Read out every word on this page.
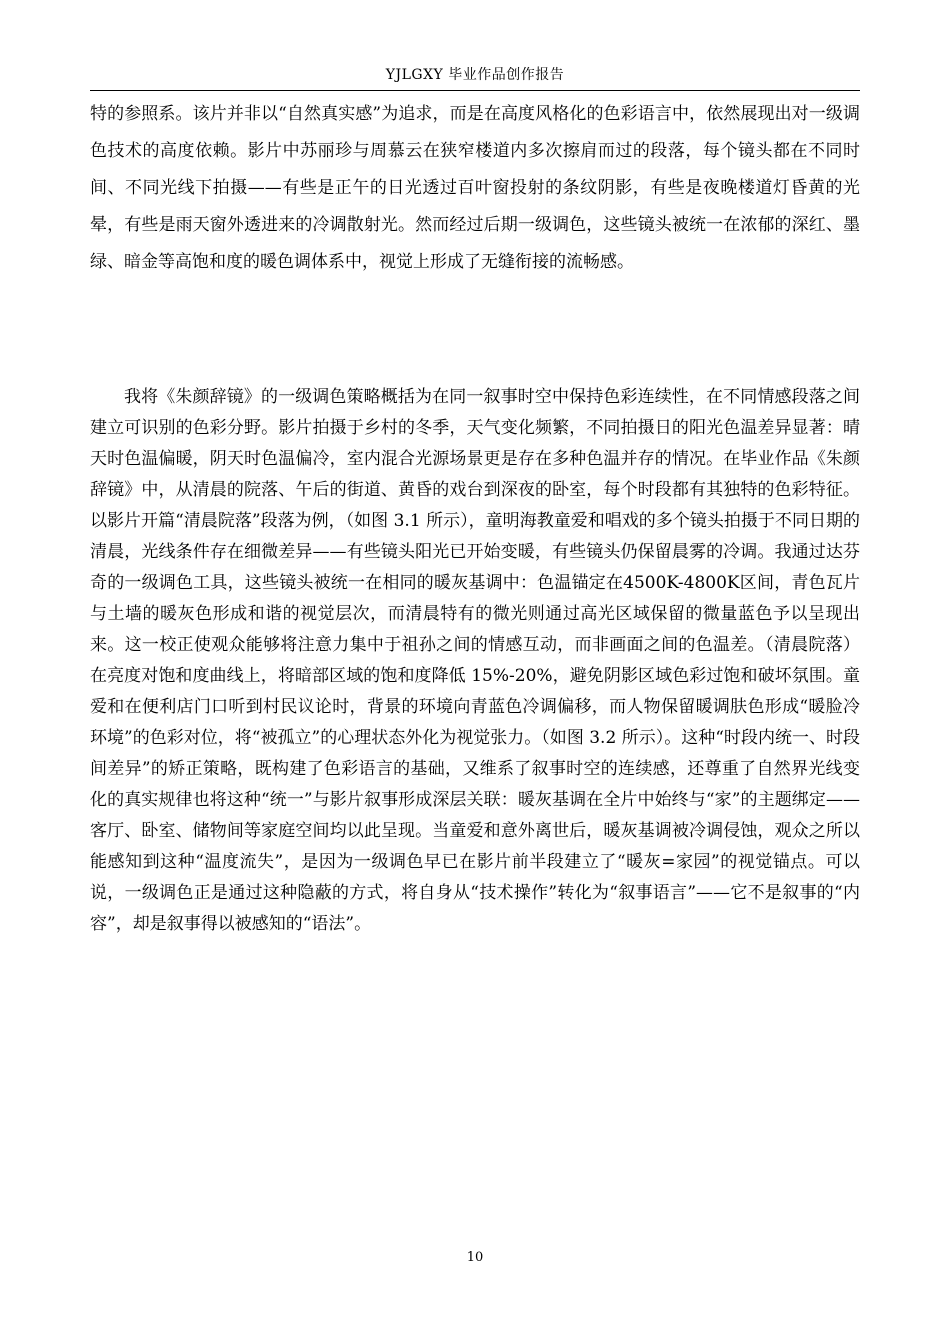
YJLGXY 毕业作品创作报告

特的参照系。该片并非以“自然真实感”为追求，而是在高度风格化的色彩语言中，依然展现出对一级调色技术的高度依赖。影片中苏丽珍与周慕云在狭窄楼道内多次擦肩而过的段落，每个镜头都在不同时间、不同光线下拍摄——有些是正午的日光透过百叶窗投射的条纹阴影，有些是夜晚楼道灯昏黄的光晕，有些是雨天窗外透进来的冷调散射光。然而经过后期一级调色，这些镜头被统一在浓郁的深红、墨绿、暗金等高饱和度的暖色调体系中，视觉上形成了无缝衔接的流畅感。

我将《朱颜辞镜》的一级调色策略概括为在同一叙事时空中保持色彩连续性，在不同情感段落之间建立可识别的色彩分野。影片拍摄于乡村的冬季，天气变化频繁，不同拍摄日的阳光色温差异显著：晴天时色温偏暖，阴天时色温偏冷，室内混合光源场景更是存在多种色温并存的情况。在毕业作品《朱颜辞镜》中，从清晨的院落、午后的街道、黄昏的戏台到深夜的卧室，每个时段都有其独特的色彩特征。以影片开篇“清晨院落”段落为例，（如图 3.1 所示），童明海教童爱和唱戏的多个镜头拍摄于不同日期的清晨，光线条件存在细微差异——有些镜头阳光已开始变暖，有些镜头仍保留晨雾的冷调。我通过达芬奇的一级调色工具，这些镜头被统一在相同的暖灰基调中：色温锚定在4500K-4800K区间，青色瓦片与土墙的暖灰色形成和谐的视觉层次，而清晨特有的微光则通过高光区域保留的微量蓝色予以呈现出来。这一校正使观众能够将注意力集中于祖孙之间的情感互动，而非画面之间的色温差。（清晨院落）在亮度对饱和度曲线上，将暗部区域的饱和度降低 15%-20%，避免阴影区域色彩过饱和破坏氛围。童爱和在便利店门口听到村民议论时，背景的环境向青蓝色冷调偏移，而人物保留暖调肤色形成“暖脸冷环境”的色彩对位，将“被孤立”的心理状态外化为视觉张力。（如图 3.2 所示）。这种“时段内统一、时段间差异”的矫正策略，既构建了色彩语言的基础，又维系了叙事时空的连续感，还尊重了自然界光线变化的真实规律也将这种“统一”与影片叙事形成深层关联：暖灰基调在全片中始终与“家”的主题绑定——客厅、卧室、储物间等家庭空间均以此呈现。当童爱和意外离世后，暖灰基调被冷调侵蚀，观众之所以能感知到这种“温度流失”，是因为一级调色早已在影片前半段建立了“暖灰=家园”的视觉锚点。可以说，一级调色正是通过这种隐蔽的方式，将自身从“技术操作”转化为“叙事语言”——它不是叙事的“内容”，却是叙事得以被感知的“语法”。

10
